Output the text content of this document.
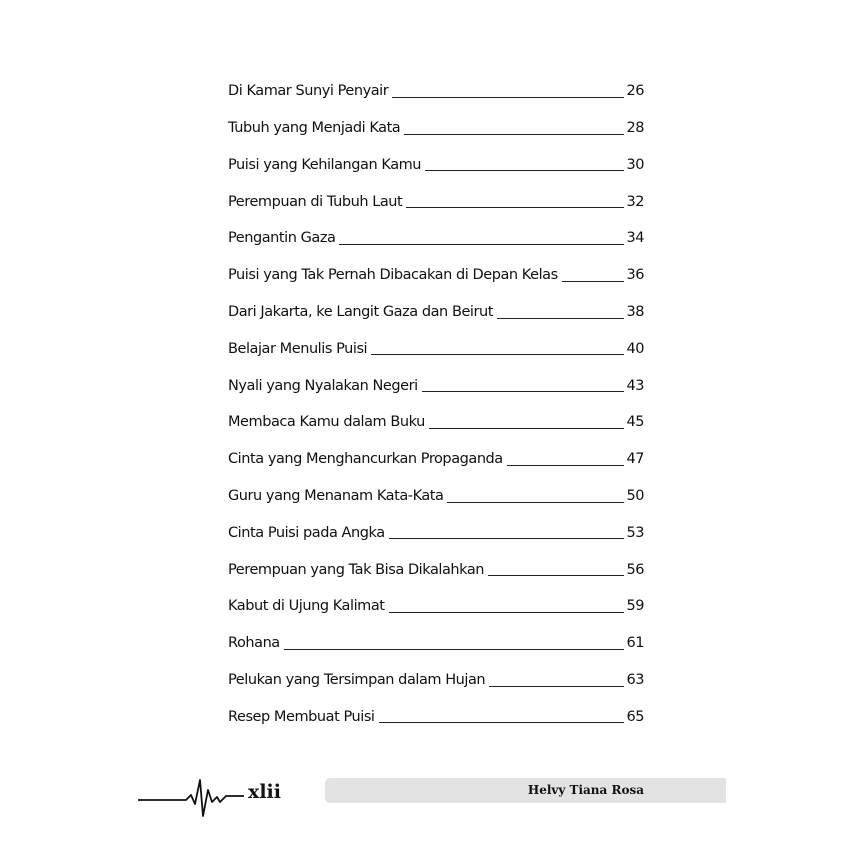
Di Kamar Sunyi Penyair	26
Tubuh yang Menjadi Kata	28
Puisi yang Kehilangan Kamu	30
Perempuan di Tubuh Laut	32
Pengantin Gaza	34
Puisi yang Tak Pernah Dibacakan di Depan Kelas	36
Dari Jakarta, ke Langit Gaza dan Beirut	38
Belajar Menulis Puisi	40
Nyali yang Nyalakan Negeri	43
Membaca Kamu dalam Buku	45
Cinta yang Menghancurkan Propaganda	47
Guru yang Menanam Kata-Kata	50
Cinta Puisi pada Angka	53
Perempuan yang Tak Bisa Dikalahkan	56
Kabut di Ujung Kalimat	59
Rohana	61
Pelukan yang Tersimpan dalam Hujan	63
Resep Membuat Puisi	65
xlii	Helvy Tiana Rosa
